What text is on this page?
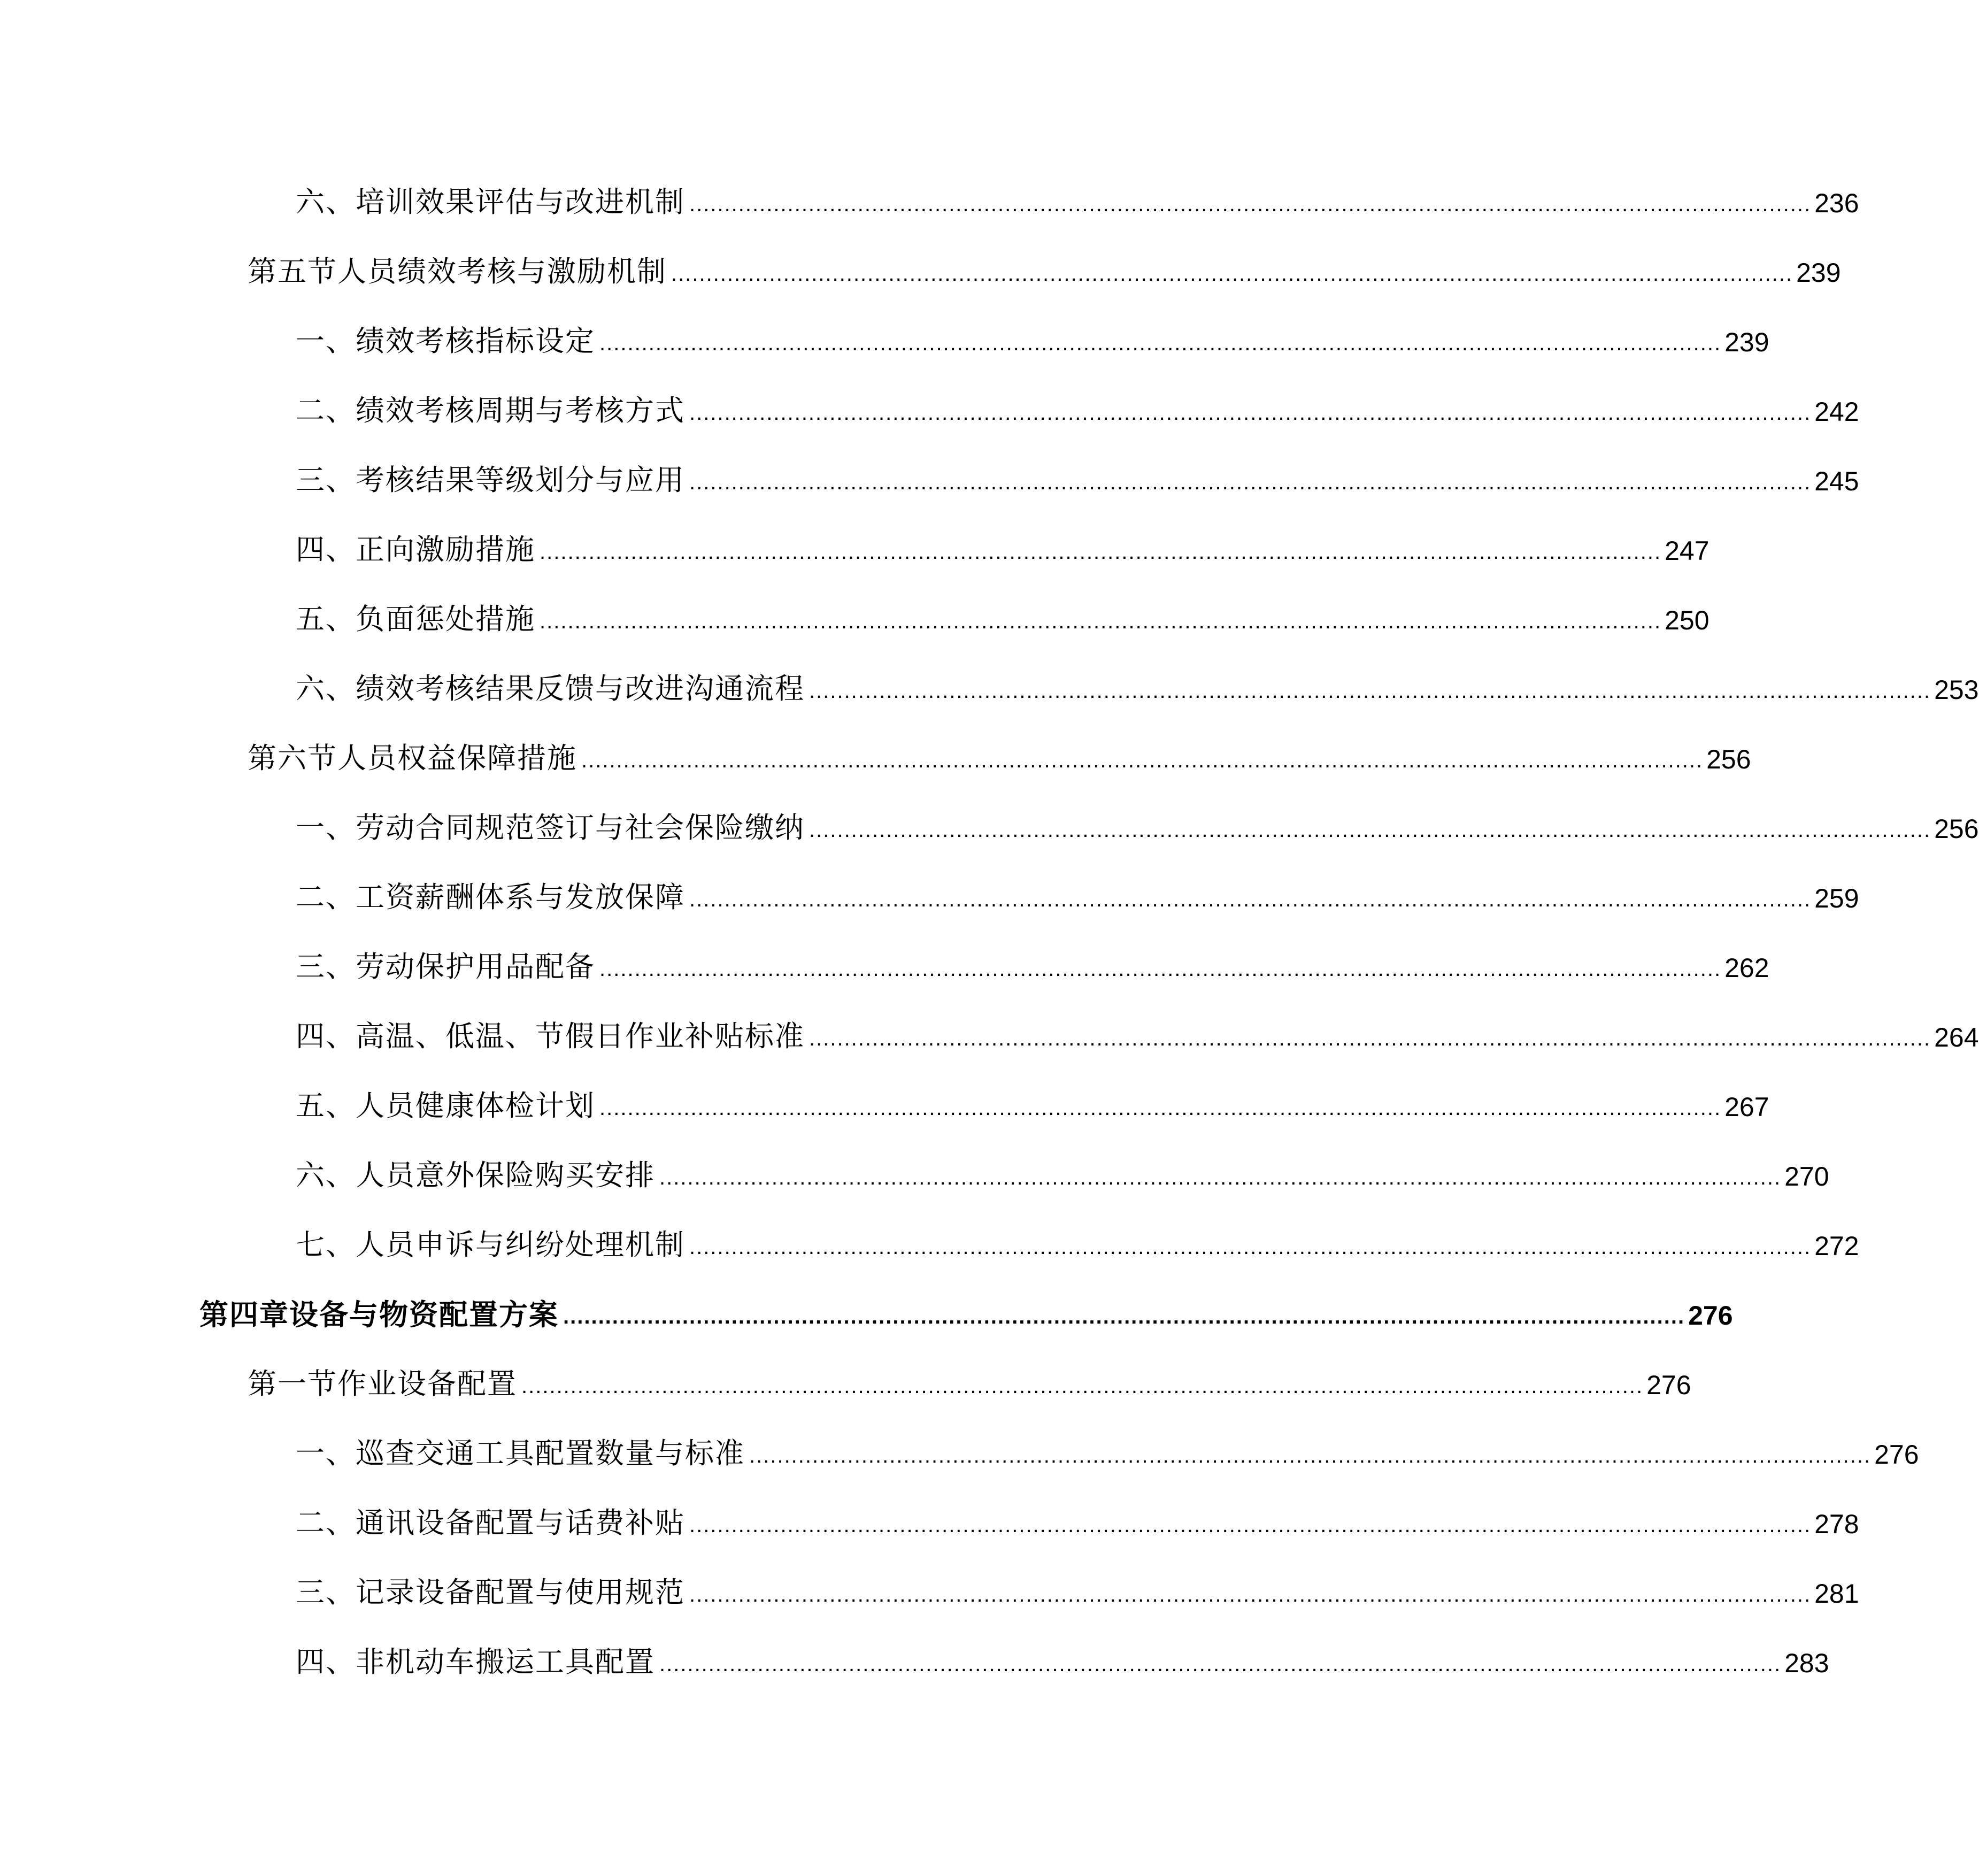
六、培训效果评估与改进机制 ................................................................................................................................................................ 236
第五节人员绩效考核与激励机制 ................................................................................................................................................................ 239
一、绩效考核指标设定 ................................................................................................................................................................ 239
二、绩效考核周期与考核方式 ................................................................................................................................................................ 242
三、考核结果等级划分与应用 ................................................................................................................................................................ 245
四、正向激励措施 ................................................................................................................................................................ 247
五、负面惩处措施 ................................................................................................................................................................ 250
六、绩效考核结果反馈与改进沟通流程 ................................................................................................................................................................ 253
第六节人员权益保障措施 ................................................................................................................................................................ 256
一、劳动合同规范签订与社会保险缴纳 ................................................................................................................................................................ 256
二、工资薪酬体系与发放保障 ................................................................................................................................................................ 259
三、劳动保护用品配备 ................................................................................................................................................................ 262
四、高温、低温、节假日作业补贴标准 ................................................................................................................................................................ 264
五、人员健康体检计划 ................................................................................................................................................................ 267
六、人员意外保险购买安排 ................................................................................................................................................................ 270
七、人员申诉与纠纷处理机制 ................................................................................................................................................................ 272
第四章设备与物资配置方案 ................................................................................................................................................................ 276
第一节作业设备配置 ................................................................................................................................................................ 276
一、巡查交通工具配置数量与标准 ................................................................................................................................................................ 276
二、通讯设备配置与话费补贴 ................................................................................................................................................................ 278
三、记录设备配置与使用规范 ................................................................................................................................................................ 281
四、非机动车搬运工具配置 ................................................................................................................................................................ 283
